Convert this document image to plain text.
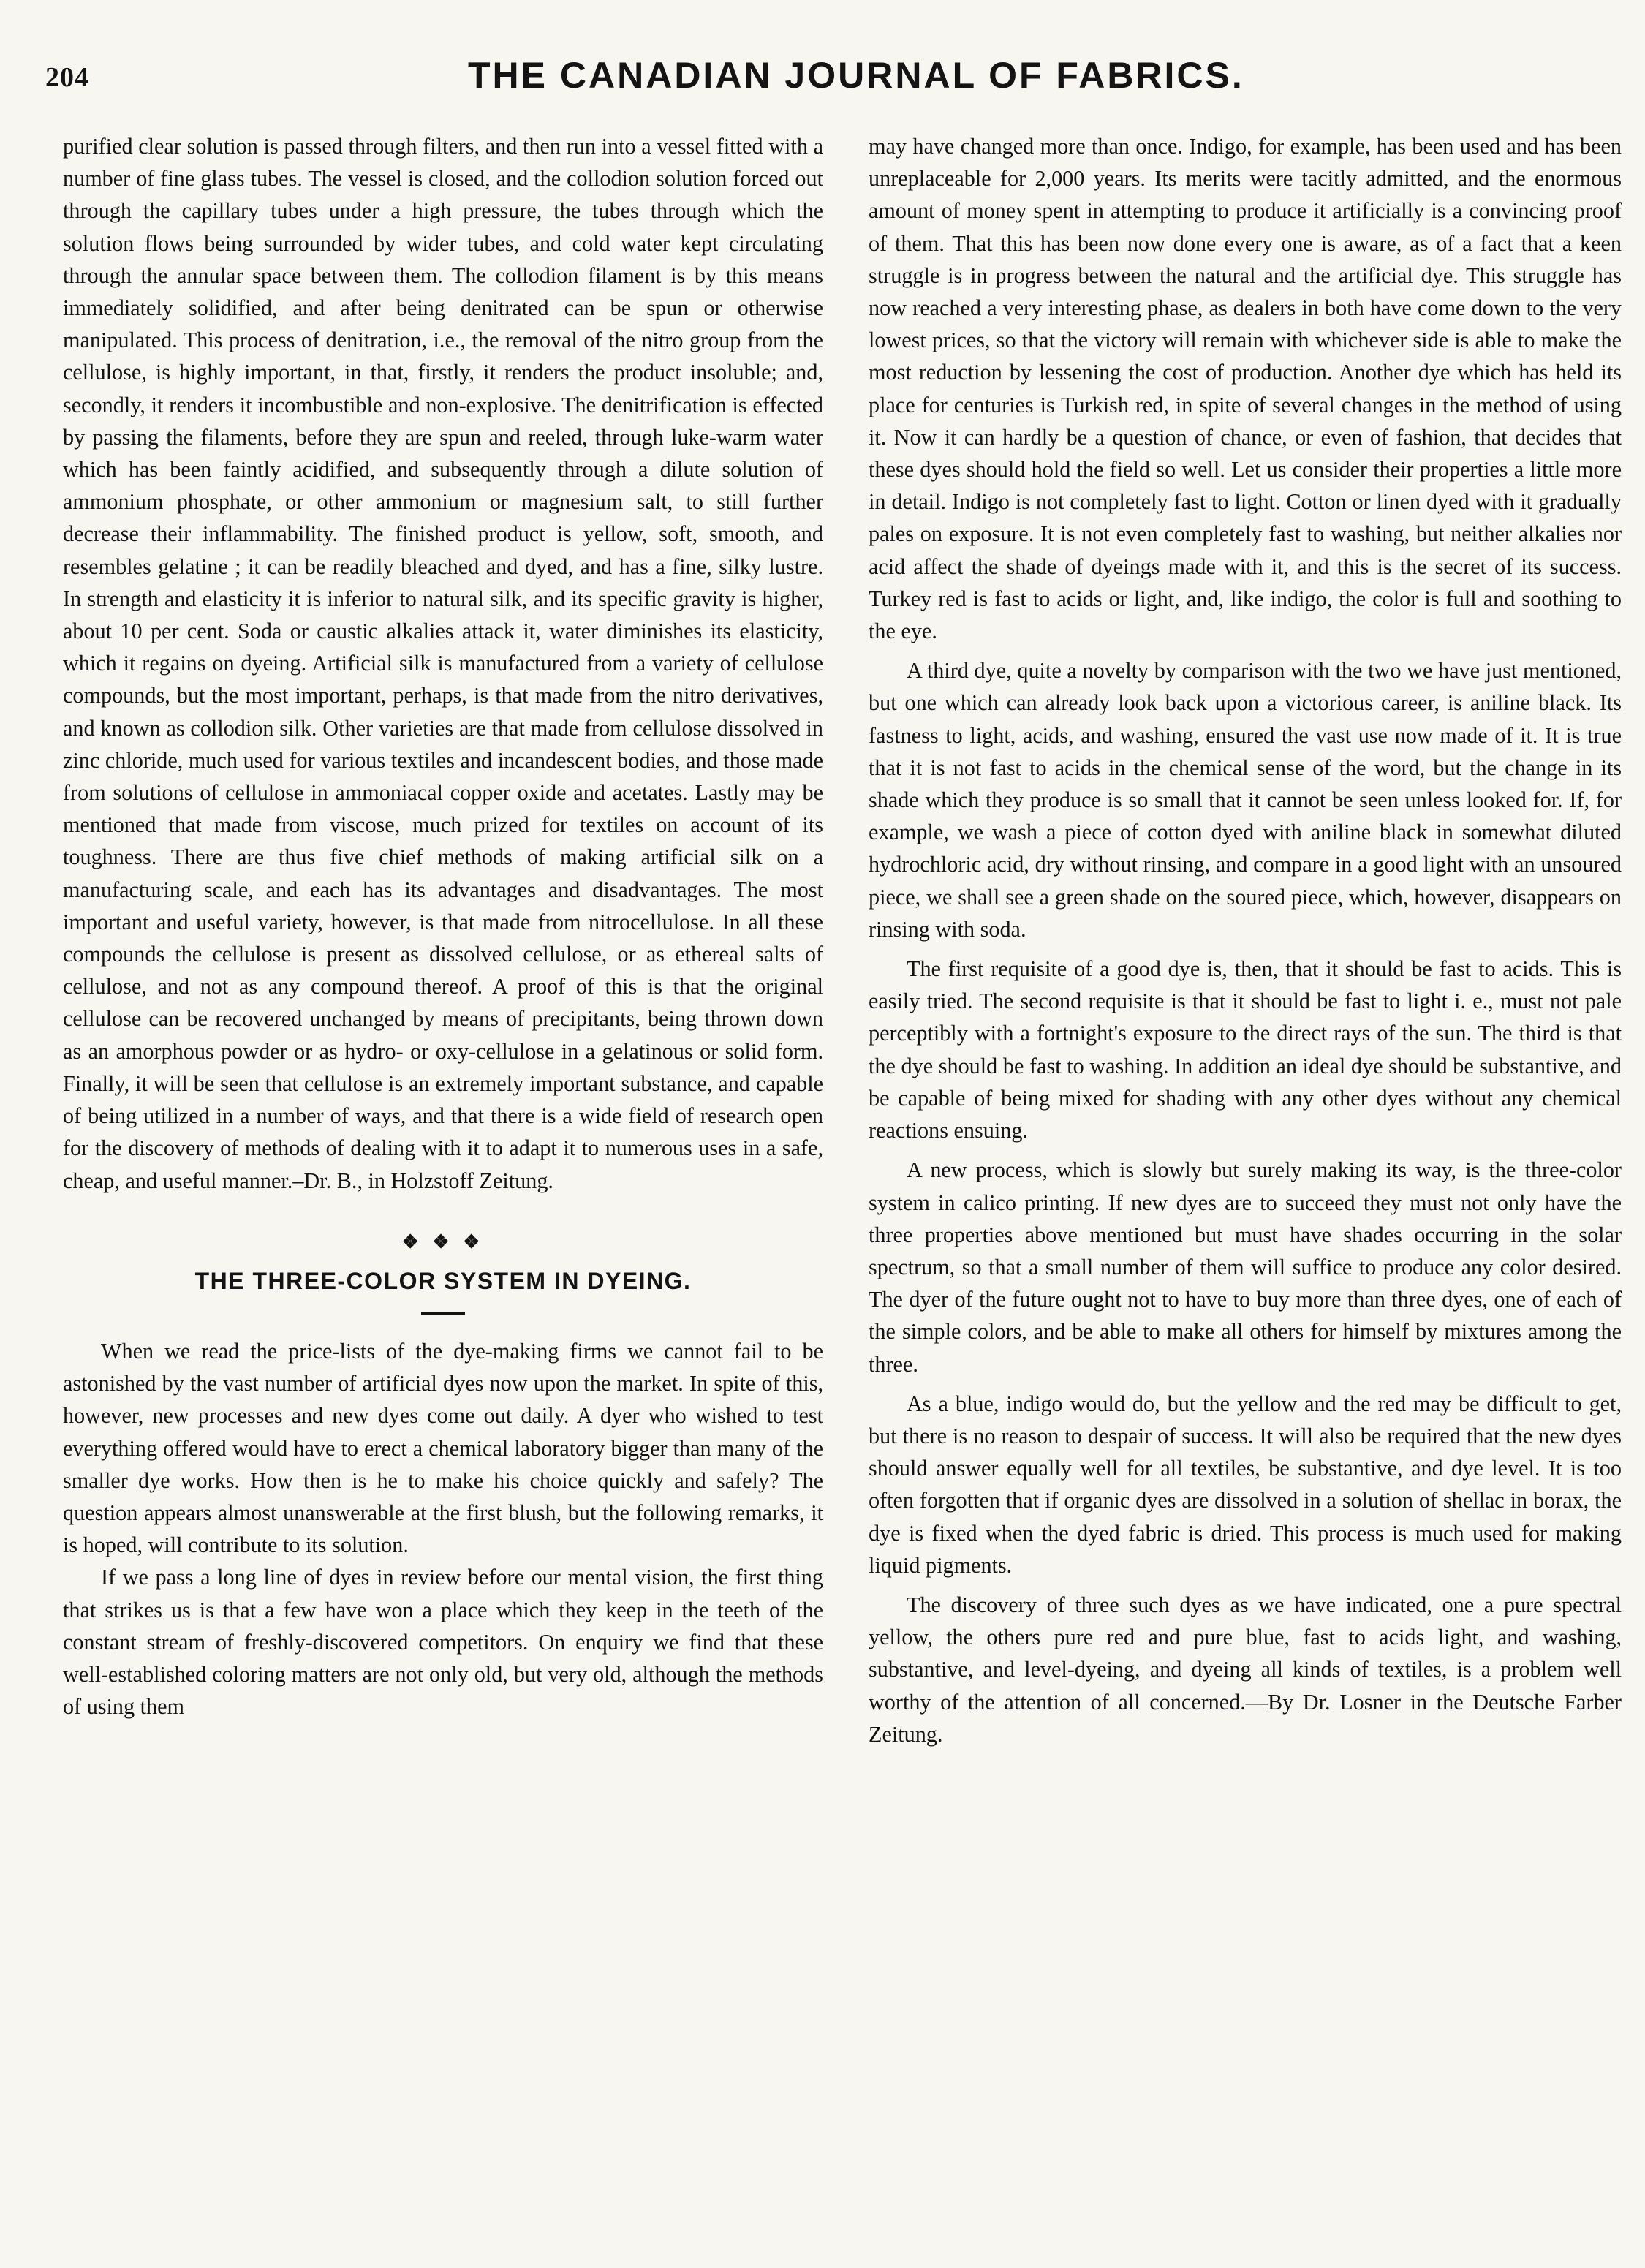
204	THE CANADIAN JOURNAL OF FABRICS.

purified clear solution is passed through filters, and then run into a vessel fitted with a number of fine glass tubes. The vessel is closed, and the collodion solution forced out through the capillary tubes under a high pressure, the tubes through which the solution flows being surrounded by wider tubes, and cold water kept circulating through the annular space between them. The collodion filament is by this means immediately solidified, and after being denitrated can be spun or otherwise manipulated. This process of denitration, i.e., the removal of the nitro group from the cellulose, is highly important, in that, firstly, it renders the product insoluble; and, secondly, it renders it incombustible and non-explosive. The denitrification is effected by passing the filaments, before they are spun and reeled, through luke-warm water which has been faintly acidified, and subsequently through a dilute solution of ammonium phosphate, or other ammonium or magnesium salt, to still further decrease their inflammability. The finished product is yellow, soft, smooth, and resembles gelatine ; it can be readily bleached and dyed, and has a fine, silky lustre. In strength and elasticity it is inferior to natural silk, and its specific gravity is higher, about 10 per cent. Soda or caustic alkalies attack it, water diminishes its elasticity, which it regains on dyeing. Artificial silk is manufactured from a variety of cellulose compounds, but the most important, perhaps, is that made from the nitro derivatives, and known as collodion silk. Other varieties are that made from cellulose dissolved in zinc chloride, much used for various textiles and incandescent bodies, and those made from solutions of cellulose in ammoniacal copper oxide and acetates. Lastly may be mentioned that made from viscose, much prized for textiles on account of its toughness. There are thus five chief methods of making artificial silk on a manufacturing scale, and each has its advantages and disadvantages. The most important and useful variety, however, is that made from nitrocellulose. In all these compounds the cellulose is present as dissolved cellulose, or as ethereal salts of cellulose, and not as any compound thereof. A proof of this is that the original cellulose can be recovered unchanged by means of precipitants, being thrown down as an amorphous powder or as hydro- or oxy-cellulose in a gelatinous or solid form. Finally, it will be seen that cellulose is an extremely important substance, and capable of being utilized in a number of ways, and that there is a wide field of research open for the discovery of methods of dealing with it to adapt it to numerous uses in a safe, cheap, and useful manner.–Dr. B., in Holzstoff Zeitung.

❖ ❖ ❖
THE THREE-COLOR SYSTEM IN DYEING.

When we read the price-lists of the dye-making firms we cannot fail to be astonished by the vast number of artificial dyes now upon the market. In spite of this, however, new processes and new dyes come out daily. A dyer who wished to test everything offered would have to erect a chemical laboratory bigger than many of the smaller dye works. How then is he to make his choice quickly and safely? The question appears almost unanswerable at the first blush, but the following remarks, it is hoped, will contribute to its solution.

If we pass a long line of dyes in review before our mental vision, the first thing that strikes us is that a few have won a place which they keep in the teeth of the constant stream of freshly-discovered competitors. On enquiry we find that these well-established coloring matters are not only old, but very old, although the methods of using them

may have changed more than once. Indigo, for example, has been used and has been unreplaceable for 2,000 years. Its merits were tacitly admitted, and the enormous amount of money spent in attempting to produce it artificially is a convincing proof of them. That this has been now done every one is aware, as of a fact that a keen struggle is in progress between the natural and the artificial dye. This struggle has now reached a very interesting phase, as dealers in both have come down to the very lowest prices, so that the victory will remain with whichever side is able to make the most reduction by lessening the cost of production. Another dye which has held its place for centuries is Turkish red, in spite of several changes in the method of using it. Now it can hardly be a question of chance, or even of fashion, that decides that these dyes should hold the field so well. Let us consider their properties a little more in detail. Indigo is not completely fast to light. Cotton or linen dyed with it gradually pales on exposure. It is not even completely fast to washing, but neither alkalies nor acid affect the shade of dyeings made with it, and this is the secret of its success. Turkey red is fast to acids or light, and, like indigo, the color is full and soothing to the eye.

A third dye, quite a novelty by comparison with the two we have just mentioned, but one which can already look back upon a victorious career, is aniline black. Its fastness to light, acids, and washing, ensured the vast use now made of it. It is true that it is not fast to acids in the chemical sense of the word, but the change in its shade which they produce is so small that it cannot be seen unless looked for. If, for example, we wash a piece of cotton dyed with aniline black in somewhat diluted hydrochloric acid, dry without rinsing, and compare in a good light with an unsoured piece, we shall see a green shade on the soured piece, which, however, disappears on rinsing with soda.

The first requisite of a good dye is, then, that it should be fast to acids. This is easily tried. The second requisite is that it should be fast to light i. e., must not pale perceptibly with a fortnight's exposure to the direct rays of the sun. The third is that the dye should be fast to washing. In addition an ideal dye should be substantive, and be capable of being mixed for shading with any other dyes without any chemical reactions ensuing.

A new process, which is slowly but surely making its way, is the three-color system in calico printing. If new dyes are to succeed they must not only have the three properties above mentioned but must have shades occurring in the solar spectrum, so that a small number of them will suffice to produce any color desired. The dyer of the future ought not to have to buy more than three dyes, one of each of the simple colors, and be able to make all others for himself by mixtures among the three.

As a blue, indigo would do, but the yellow and the red may be difficult to get, but there is no reason to despair of success. It will also be required that the new dyes should answer equally well for all textiles, be substantive, and dye level. It is too often forgotten that if organic dyes are dissolved in a solution of shellac in borax, the dye is fixed when the dyed fabric is dried. This process is much used for making liquid pigments.

The discovery of three such dyes as we have indicated, one a pure spectral yellow, the others pure red and pure blue, fast to acids light, and washing, substantive, and level-dyeing, and dyeing all kinds of textiles, is a problem well worthy of the attention of all concerned.—By Dr. Losner in the Deutsche Farber Zeitung.
